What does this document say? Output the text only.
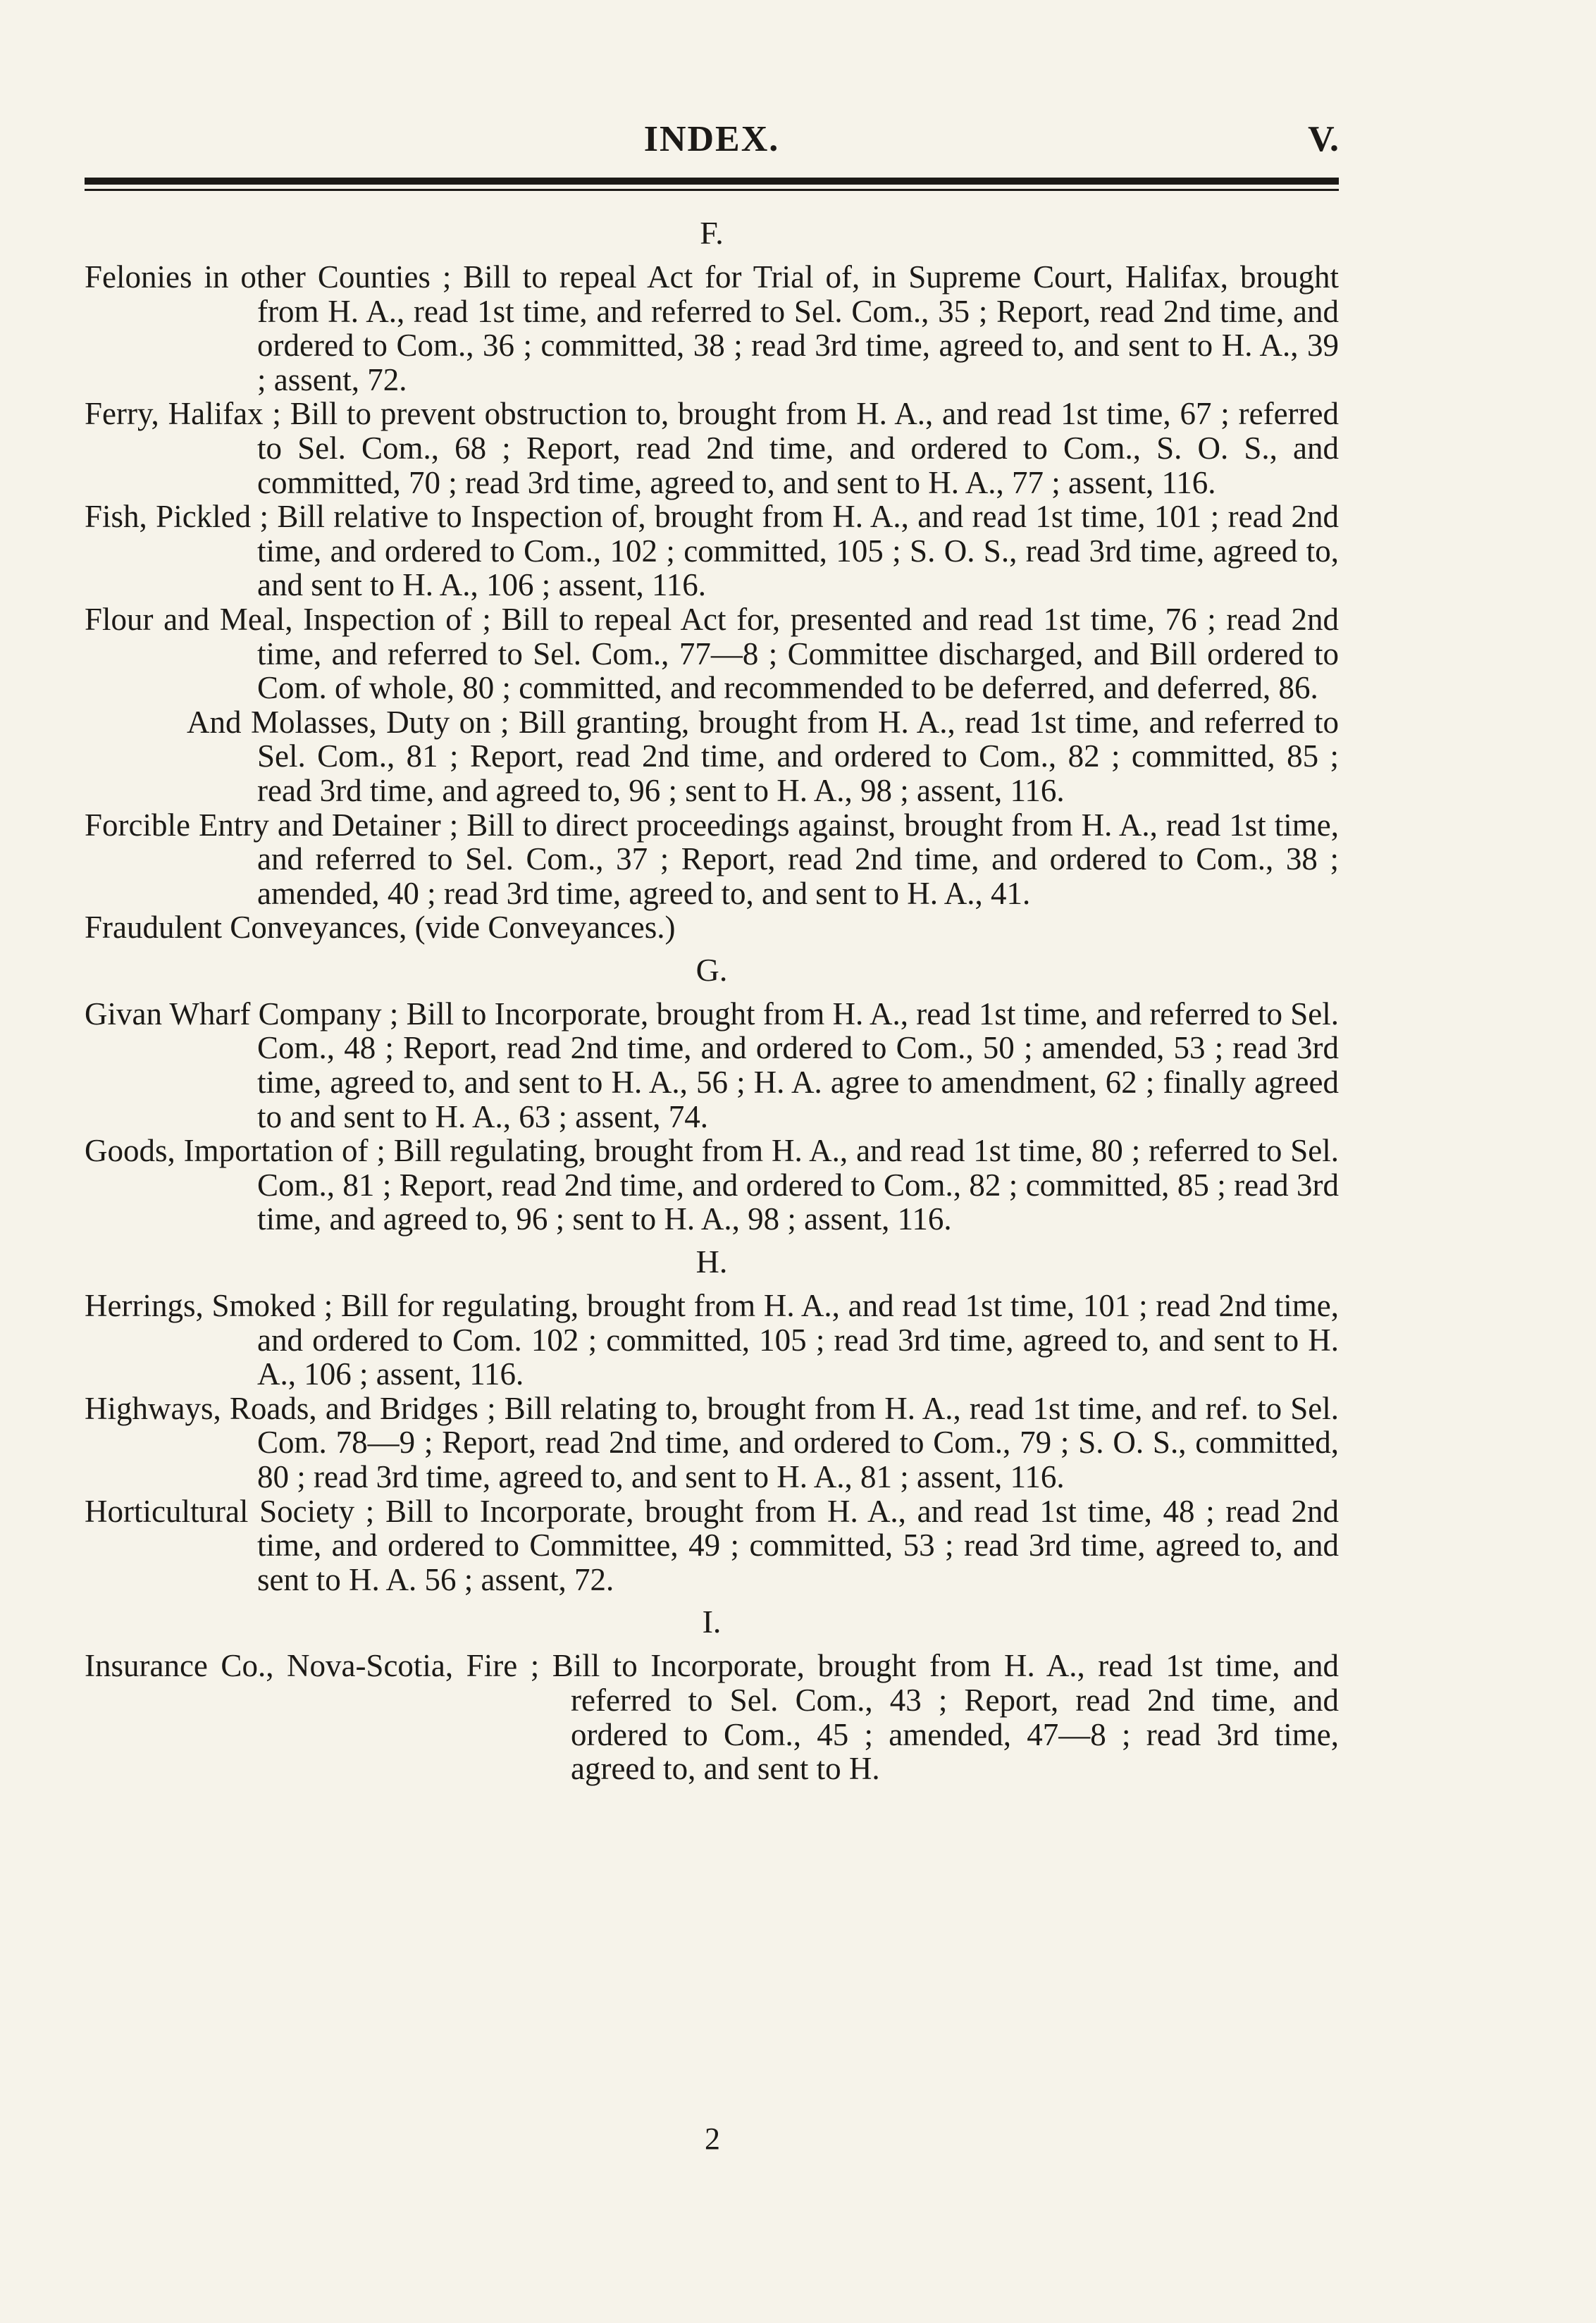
INDEX.	V.
F.

Felonies in other Counties ; Bill to repeal Act for Trial of, in Supreme Court, Halifax, brought from H. A., read 1st time, and referred to Sel. Com., 35 ; Report, read 2nd time, and ordered to Com., 36 ; committed, 38 ; read 3rd time, agreed to, and sent to H. A., 39 ; assent, 72.

Ferry, Halifax ; Bill to prevent obstruction to, brought from H. A., and read 1st time, 67 ; referred to Sel. Com., 68 ; Report, read 2nd time, and ordered to Com., S. O. S., and committed, 70 ; read 3rd time, agreed to, and sent to H. A., 77 ; assent, 116.

Fish, Pickled ; Bill relative to Inspection of, brought from H. A., and read 1st time, 101 ; read 2nd time, and ordered to Com., 102 ; committed, 105 ; S. O. S., read 3rd time, agreed to, and sent to H. A., 106 ; assent, 116.

Flour and Meal, Inspection of ; Bill to repeal Act for, presented and read 1st time, 76 ; read 2nd time, and referred to Sel. Com., 77—8 ; Committee discharged, and Bill ordered to Com. of whole, 80 ; committed, and recommended to be deferred, and deferred, 86.

And Molasses, Duty on ; Bill granting, brought from H. A., read 1st time, and referred to Sel. Com., 81 ; Report, read 2nd time, and ordered to Com., 82 ; committed, 85 ; read 3rd time, and agreed to, 96 ; sent to H. A., 98 ; assent, 116.

Forcible Entry and Detainer ; Bill to direct proceedings against, brought from H. A., read 1st time, and referred to Sel. Com., 37 ; Report, read 2nd time, and ordered to Com., 38 ; amended, 40 ; read 3rd time, agreed to, and sent to H. A., 41.

Fraudulent Conveyances, (vide Conveyances.)

G.

Givan Wharf Company ; Bill to Incorporate, brought from H. A., read 1st time, and referred to Sel. Com., 48 ; Report, read 2nd time, and ordered to Com., 50 ; amended, 53 ; read 3rd time, agreed to, and sent to H. A., 56 ; H. A. agree to amendment, 62 ; finally agreed to and sent to H. A., 63 ; assent, 74.

Goods, Importation of ; Bill regulating, brought from H. A., and read 1st time, 80 ; referred to Sel. Com., 81 ; Report, read 2nd time, and ordered to Com., 82 ; committed, 85 ; read 3rd time, and agreed to, 96 ; sent to H. A., 98 ; assent, 116.

H.

Herrings, Smoked ; Bill for regulating, brought from H. A., and read 1st time, 101 ; read 2nd time, and ordered to Com. 102 ; committed, 105 ; read 3rd time, agreed to, and sent to H. A., 106 ; assent, 116.

Highways, Roads, and Bridges ; Bill relating to, brought from H. A., read 1st time, and ref. to Sel. Com. 78—9 ; Report, read 2nd time, and ordered to Com., 79 ; S. O. S., committed, 80 ; read 3rd time, agreed to, and sent to H. A., 81 ; assent, 116.

Horticultural Society ; Bill to Incorporate, brought from H. A., and read 1st time, 48 ; read 2nd time, and ordered to Committee, 49 ; committed, 53 ; read 3rd time, agreed to, and sent to H. A. 56 ; assent, 72.

I.

Insurance Co., Nova-Scotia, Fire ; Bill to Incorporate, brought from H. A., read 1st time, and referred to Sel. Com., 43 ; Report, read 2nd time, and ordered to Com., 45 ; amended, 47—8 ; read 3rd time, agreed to, and sent to H.

2
